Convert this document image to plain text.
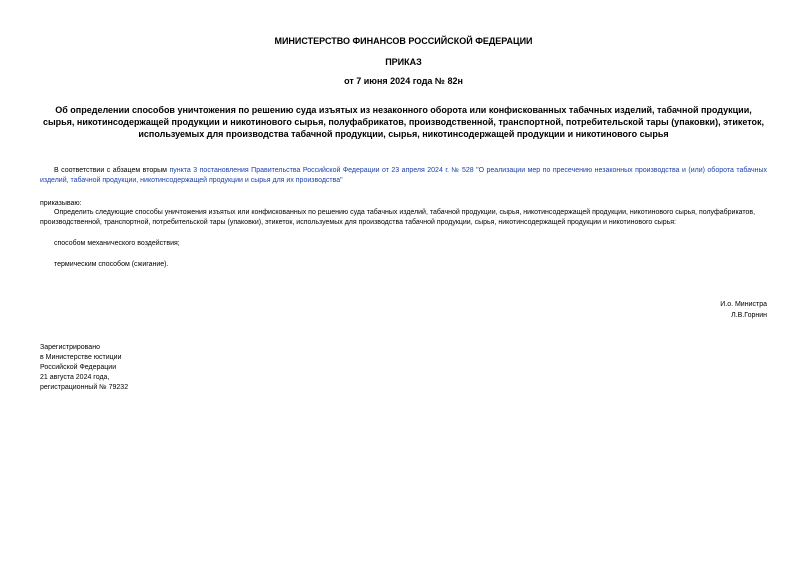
МИНИСТЕРСТВО ФИНАНСОВ РОССИЙСКОЙ ФЕДЕРАЦИИ
ПРИКАЗ
от 7 июня 2024 года № 82н
Об определении способов уничтожения по решению суда изъятых из незаконного оборота или конфискованных табачных изделий, табачной продукции, сырья, никотинсодержащей продукции и никотинового сырья, полуфабрикатов, производственной, транспортной, потребительской тары (упаковки), этикеток, используемых для производства табачной продукции, сырья, никотинсодержащей продукции и никотинового сырья
В соответствии с абзацем вторым пункта 3 постановления Правительства Российской Федерации от 23 апреля 2024 г. № 528 "О реализации мер по пресечению незаконных производства и (или) оборота табачных изделий, табачной продукции, никотинсодержащей продукции и сырья для их производства"
приказываю:
Определить следующие способы уничтожения изъятых или конфискованных по решению суда табачных изделий, табачной продукции, сырья, никотинсодержащей продукции, никотинового сырья, полуфабрикатов, производственной, транспортной, потребительской тары (упаковки), этикеток, используемых для производства табачной продукции, сырья, никотинсодержащей продукции и никотинового сырья:
способом механического воздействия;
термическим способом (сжигание).
И.о. Министра
Л.В.Горнин
Зарегистрировано
в Министерстве юстиции
Российской Федерации
21 августа 2024 года,
регистрационный № 79232
